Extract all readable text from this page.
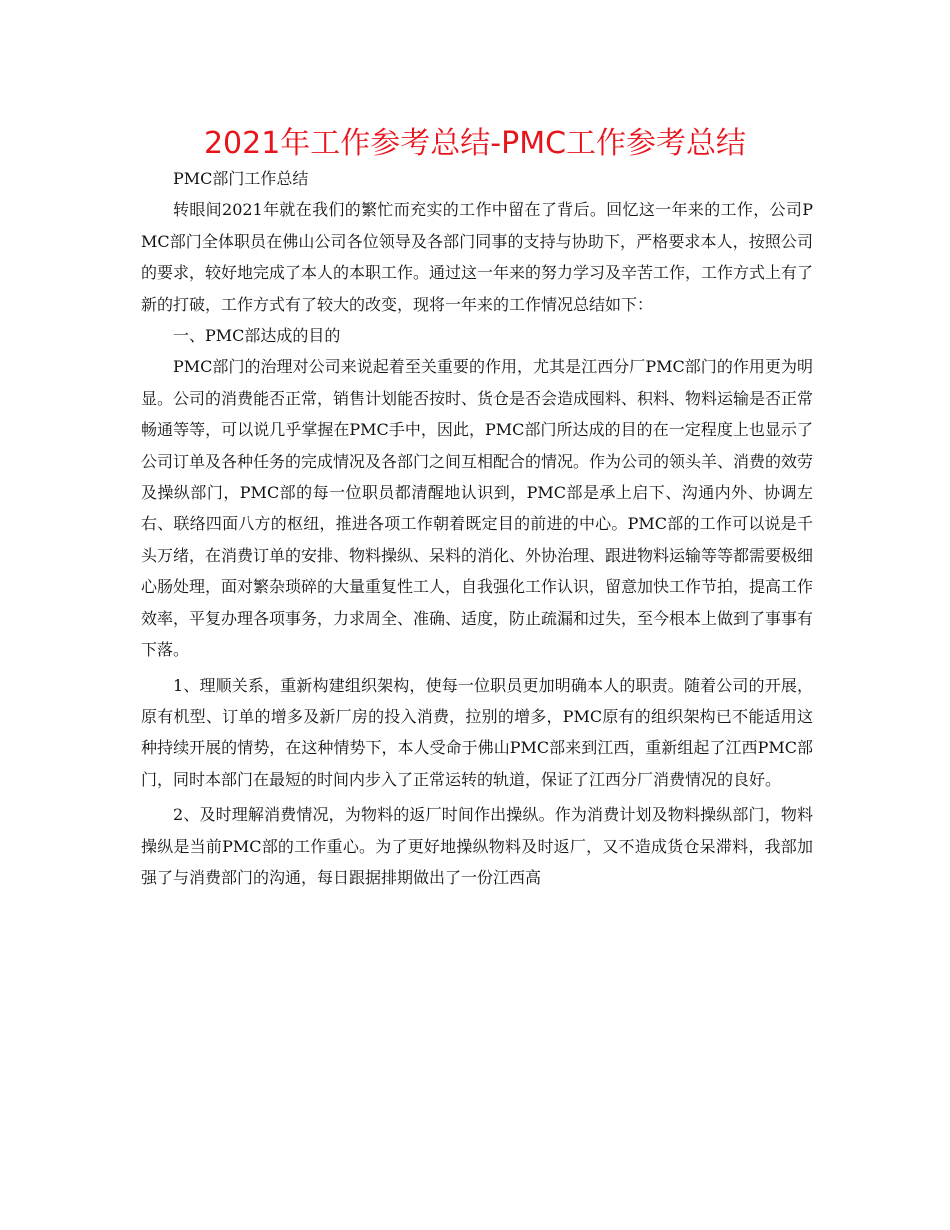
2021年工作参考总结-PMC工作参考总结

PMC部门工作总结

转眼间2021年就在我们的繁忙而充实的工作中留在了背后。回忆这一年来的工作，公司PMC部门全体职员在佛山公司各位领导及各部门同事的支持与协助下，严格要求本人，按照公司的要求，较好地完成了本人的本职工作。通过这一年来的努力学习及辛苦工作，工作方式上有了新的打破，工作方式有了较大的改变，现将一年来的工作情况总结如下：

一、PMC部达成的目的

PMC部门的治理对公司来说起着至关重要的作用，尤其是江西分厂PMC部门的作用更为明显。公司的消费能否正常，销售计划能否按时、货仓是否会造成囤料、积料、物料运输是否正常畅通等等，可以说几乎掌握在PMC手中，因此，PMC部门所达成的目的在一定程度上也显示了公司订单及各种任务的完成情况及各部门之间互相配合的情况。作为公司的领头羊、消费的效劳及操纵部门，PMC部的每一位职员都清醒地认识到，PMC部是承上启下、沟通内外、协调左右、联络四面八方的枢纽，推进各项工作朝着既定目的前进的中心。PMC部的工作可以说是千头万绪，在消费订单的安排、物料操纵、呆料的消化、外协治理、跟进物料运输等等都需要极细心肠处理，面对繁杂琐碎的大量重复性工人，自我强化工作认识，留意加快工作节拍，提高工作效率，平复办理各项事务，力求周全、准确、适度，防止疏漏和过失，至今根本上做到了事事有下落。

1、理顺关系，重新构建组织架构，使每一位职员更加明确本人的职责。随着公司的开展，原有机型、订单的增多及新厂房的投入消费，拉别的增多，PMC原有的组织架构已不能适用这种持续开展的情势，在这种情势下，本人受命于佛山PMC部来到江西，重新组起了江西PMC部门，同时本部门在最短的时间内步入了正常运转的轨道，保证了江西分厂消费情况的良好。

2、及时理解消费情况，为物料的返厂时间作出操纵。作为消费计划及物料操纵部门，物料操纵是当前PMC部的工作重心。为了更好地操纵物料及时返厂，又不造成货仓呆滞料，我部加强了与消费部门的沟通，每日跟据排期做出了一份江西高
